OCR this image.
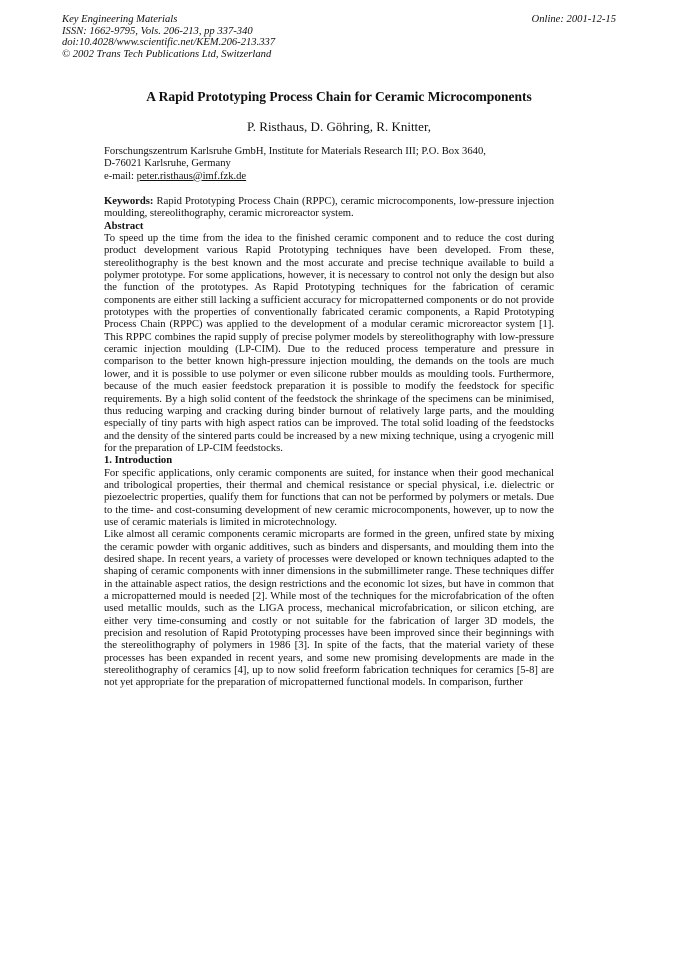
Key Engineering Materials
ISSN: 1662-9795, Vols. 206-213, pp 337-340
doi:10.4028/www.scientific.net/KEM.206-213.337
© 2002 Trans Tech Publications Ltd, Switzerland
Online: 2001-12-15
A Rapid Prototyping Process Chain for Ceramic Microcomponents
P. Risthaus, D. Göhring, R. Knitter,
Forschungszentrum Karlsruhe GmbH, Institute for Materials Research III; P.O. Box 3640,
D-76021 Karlsruhe, Germany
e-mail: peter.risthaus@imf.fzk.de

Keywords: Rapid Prototyping Process Chain (RPPC), ceramic microcomponents, low-pressure injection moulding, stereolithography, ceramic microreactor system.

Abstract

To speed up the time from the idea to the finished ceramic component and to reduce the cost during product development various Rapid Prototyping techniques have been developed. From these, stereolithography is the best known and the most accurate and precise technique available to build a polymer prototype. For some applications, however, it is necessary to control not only the design but also the function of the prototypes. As Rapid Prototyping techniques for the fabrication of ceramic components are either still lacking a sufficient accuracy for micropatterned components or do not provide prototypes with the properties of conventionally fabricated ceramic components, a Rapid Prototyping Process Chain (RPPC) was applied to the development of a modular ceramic microreactor system [1]. This RPPC combines the rapid supply of precise polymer models by stereolithography with low-pressure ceramic injection moulding (LP-CIM). Due to the reduced process temperature and pressure in comparison to the better known high-pressure injection moulding, the demands on the tools are much lower, and it is possible to use polymer or even silicone rubber moulds as moulding tools. Furthermore, because of the much easier feedstock preparation it is possible to modify the feedstock for specific requirements. By a high solid content of the feedstock the shrinkage of the specimens can be minimised, thus reducing warping and cracking during binder burnout of relatively large parts, and the moulding especially of tiny parts with high aspect ratios can be improved. The total solid loading of the feedstocks and the density of the sintered parts could be increased by a new mixing technique, using a cryogenic mill for the preparation of LP-CIM feedstocks.

1. Introduction

For specific applications, only ceramic components are suited, for instance when their good mechanical and tribological properties, their thermal and chemical resistance or special physical, i.e. dielectric or piezoelectric properties, qualify them for functions that can not be performed by polymers or metals. Due to the time- and cost-consuming development of new ceramic microcomponents, however, up to now the use of ceramic materials is limited in microtechnology.

Like almost all ceramic components ceramic microparts are formed in the green, unfired state by mixing the ceramic powder with organic additives, such as binders and dispersants, and moulding them into the desired shape. In recent years, a variety of processes were developed or known techniques adapted to the shaping of ceramic components with inner dimensions in the submillimeter range. These techniques differ in the attainable aspect ratios, the design restrictions and the economic lot sizes, but have in common that a micropatterned mould is needed [2]. While most of the techniques for the microfabrication of the often used metallic moulds, such as the LIGA process, mechanical microfabrication, or silicon etching, are either very time-consuming and costly or not suitable for the fabrication of larger 3D models, the precision and resolution of Rapid Prototyping processes have been improved since their beginnings with the stereolithography of polymers in 1986 [3]. In spite of the facts, that the material variety of these processes has been expanded in recent years, and some new promising developments are made in the stereolithography of ceramics [4], up to now solid freeform fabrication techniques for ceramics [5-8] are not yet appropriate for the preparation of micropatterned functional models. In comparison, further
